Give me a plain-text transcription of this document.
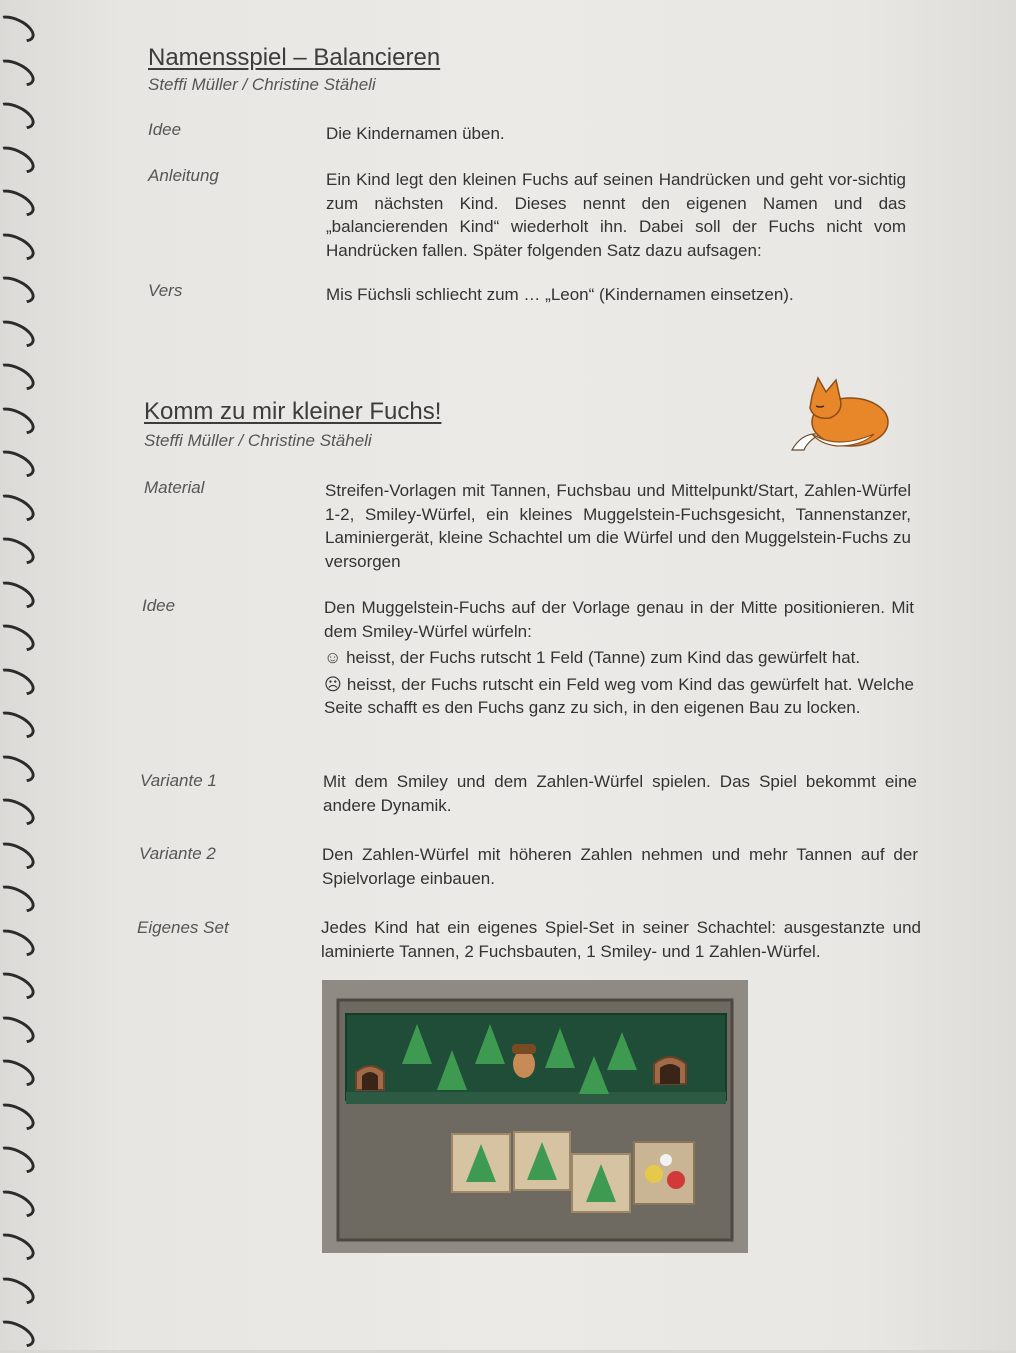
Namensspiel – Balancieren
Steffi Müller / Christine Stäheli
Idee	Die Kindernamen üben.
Anleitung	Ein Kind legt den kleinen Fuchs auf seinen Handrücken und geht vor-sichtig zum nächsten Kind. Dieses nennt den eigenen Namen und das „balancierenden Kind“ wiederholt ihn. Dabei soll der Fuchs nicht vom Handrücken fallen. Später folgenden Satz dazu aufsagen:
Vers	Mis Füchsli schliecht zum … „Leon“ (Kindernamen einsetzen).
Komm zu mir kleiner Fuchs!
Steffi Müller / Christine Stäheli
Material	Streifen-Vorlagen mit Tannen, Fuchsbau und Mittelpunkt/Start, Zahlen-Würfel 1-2, Smiley-Würfel, ein kleines Muggelstein-Fuchsgesicht, Tannenstanzer, Laminiergerät, kleine Schachtel um die Würfel und den Muggelstein-Fuchs zu versorgen
Idee	Den Muggelstein-Fuchs auf der Vorlage genau in der Mitte positionieren. Mit dem Smiley-Würfel würfeln:
☺ heisst, der Fuchs rutscht 1 Feld (Tanne) zum Kind das gewürfelt hat.
☹ heisst, der Fuchs rutscht ein Feld weg vom Kind das gewürfelt hat. Welche Seite schafft es den Fuchs ganz zu sich, in den eigenen Bau zu locken.
Variante 1	Mit dem Smiley und dem Zahlen-Würfel spielen. Das Spiel bekommt eine andere Dynamik.
Variante 2	Den Zahlen-Würfel mit höheren Zahlen nehmen und mehr Tannen auf der Spielvorlage einbauen.
Eigenes Set	Jedes Kind hat ein eigenes Spiel-Set in seiner Schachtel: ausgestanzte und laminierte Tannen, 2 Fuchsbauten, 1 Smiley- und 1 Zahlen-Würfel.
